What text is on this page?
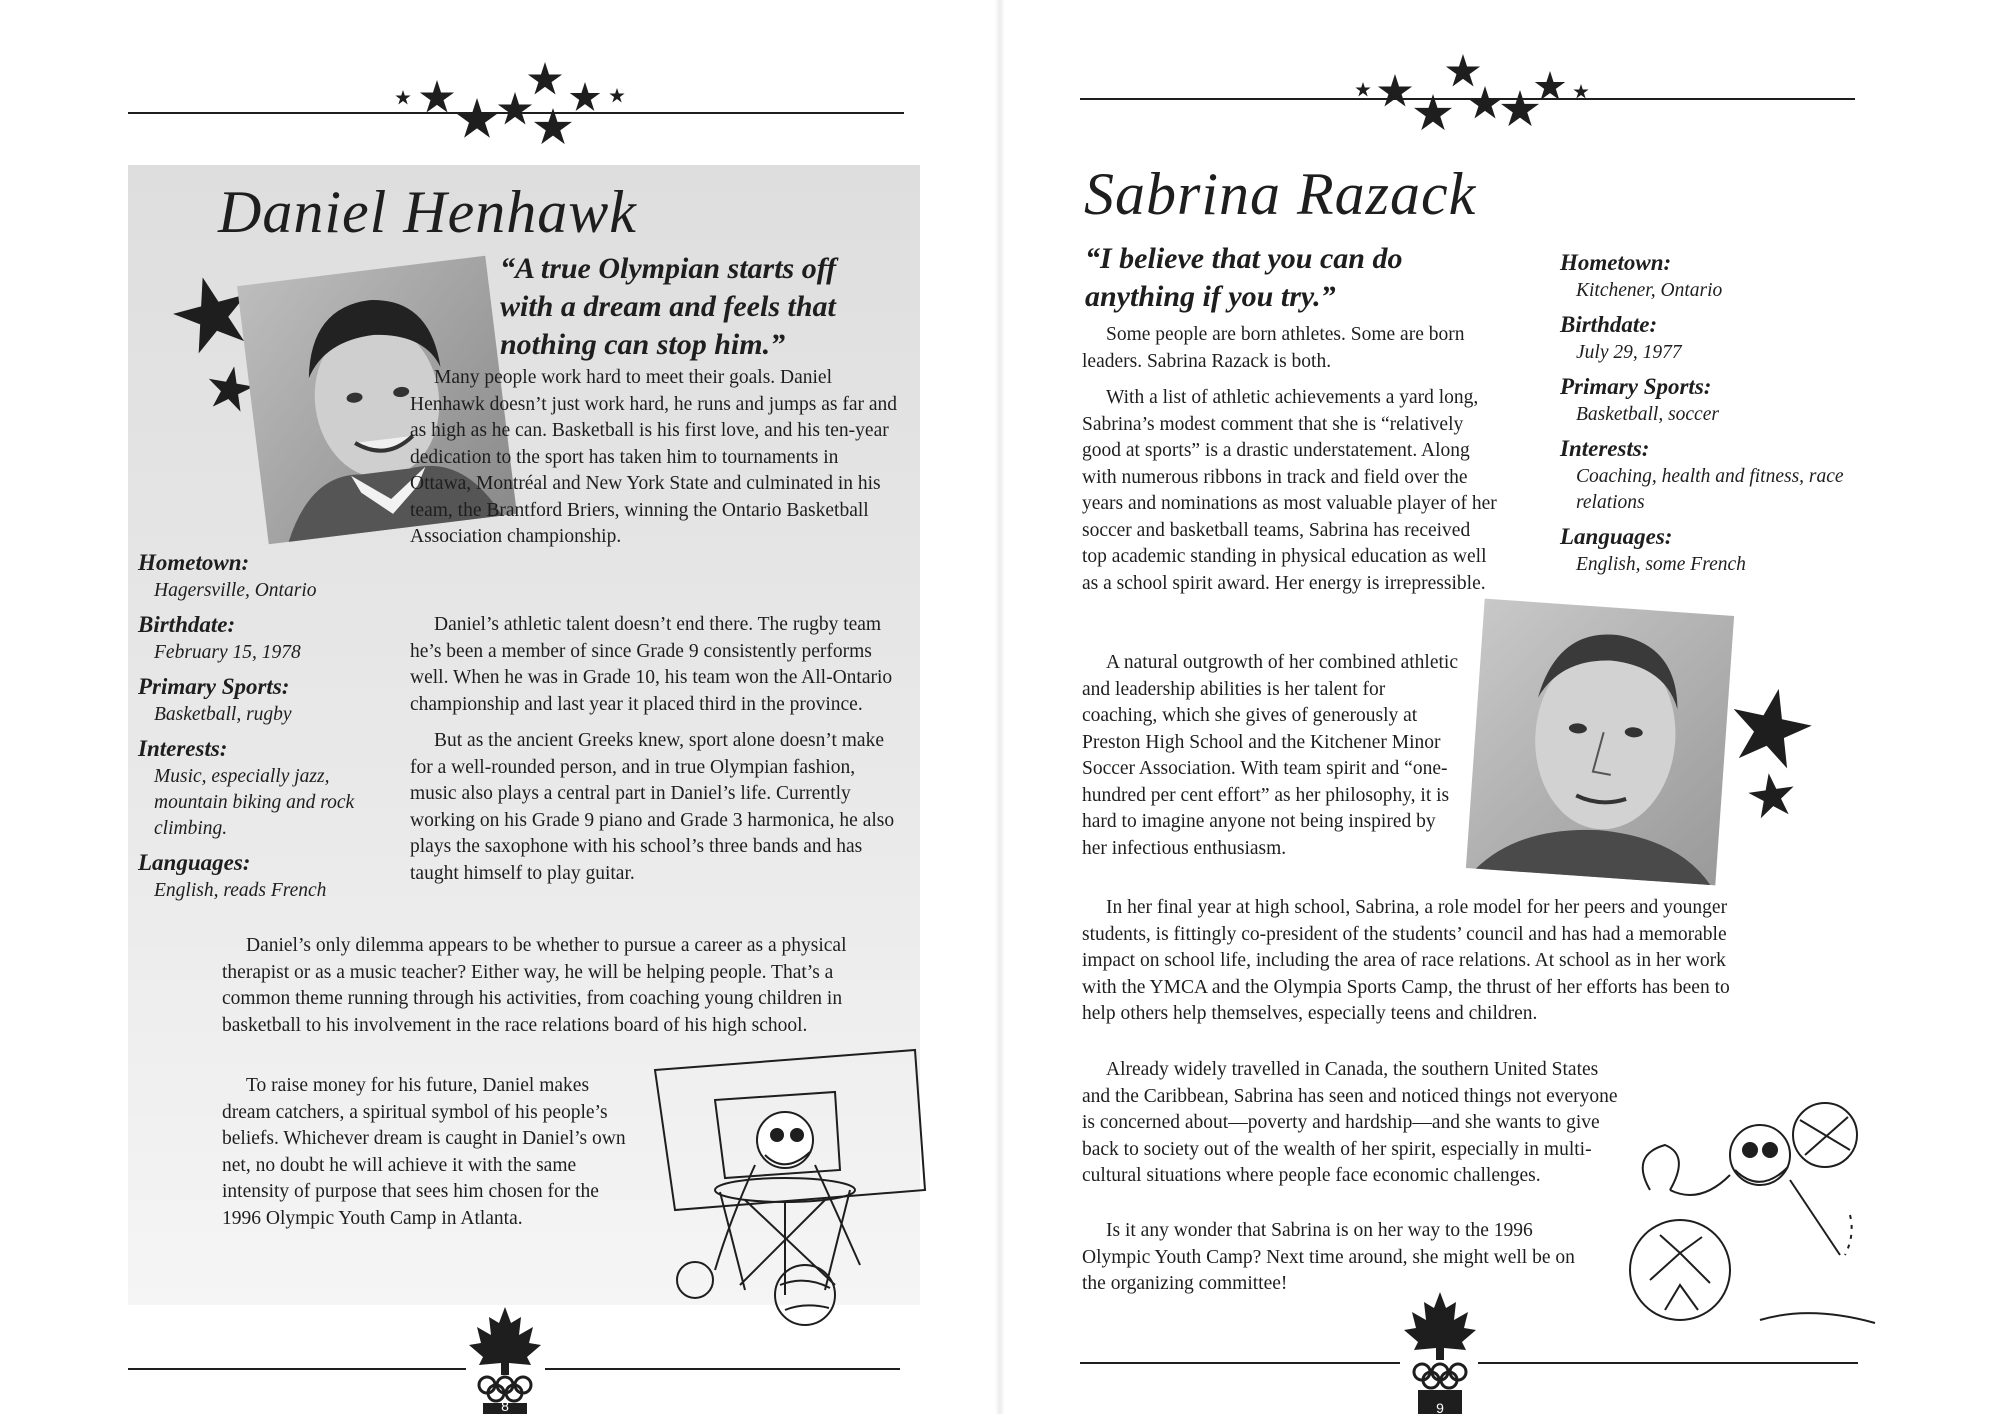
Daniel Henhawk

“A true Olympian starts off with a dream and feels that nothing can stop him.”

Many people work hard to meet their goals. Daniel Henhawk doesn’t just work hard, he runs and jumps as far and as high as he can. Basketball is his first love, and his ten-year dedication to the sport has taken him to tournaments in Ottawa, Montréal and New York State and culminated in his team, the Brantford Briers, winning the Ontario Basketball Association championship.

Daniel’s athletic talent doesn’t end there. The rugby team he’s been a member of since Grade 9 consistently performs well. When he was in Grade 10, his team won the All-Ontario championship and last year it placed third in the province.

But as the ancient Greeks knew, sport alone doesn’t make for a well-rounded person, and in true Olympian fashion, music also plays a central part in Daniel’s life. Currently working on his Grade 9 piano and Grade 3 harmonica, he also plays the saxophone with his school’s three bands and has taught himself to play guitar.

Daniel’s only dilemma appears to be whether to pursue a career as a physical therapist or as a music teacher? Either way, he will be helping people. That’s a common theme running through his activities, from coaching young children in basketball to his involvement in the race relations board of his high school.

To raise money for his future, Daniel makes dream catchers, a spiritual symbol of his people’s beliefs. Whichever dream is caught in Daniel’s own net, no doubt he will achieve it with the same intensity of purpose that sees him chosen for the 1996 Olympic Youth Camp in Atlanta.

Hometown:
Hagersville, Ontario
Birthdate:
February 15, 1978
Primary Sports:
Basketball, rugby
Interests:
Music, especially jazz, mountain biking and rock climbing.
Languages:
English, reads French
8
Sabrina Razack

“I believe that you can do anything if you try.”

Hometown:
Kitchener, Ontario
Birthdate:
July 29, 1977
Primary Sports:
Basketball, soccer
Interests:
Coaching, health and fitness, race relations
Languages:
English, some French

Some people are born athletes. Some are born leaders. Sabrina Razack is both.

With a list of athletic achievements a yard long, Sabrina’s modest comment that she is “relatively good at sports” is a drastic understatement. Along with numerous ribbons in track and field over the years and nominations as most valuable player of her soccer and basketball teams, Sabrina has received top academic standing in physical education as well as a school spirit award. Her energy is irrepressible.

A natural outgrowth of her combined athletic and leadership abilities is her talent for coaching, which she gives of generously at Preston High School and the Kitchener Minor Soccer Association. With team spirit and “one-hundred per cent effort” as her philosophy, it is hard to imagine anyone not being inspired by her infectious enthusiasm.

In her final year at high school, Sabrina, a role model for her peers and younger students, is fittingly co-president of the students’ council and has had a memorable impact on school life, including the area of race relations. At school as in her work with the YMCA and the Olympia Sports Camp, the thrust of her efforts has been to help others help themselves, especially teens and children.

Already widely travelled in Canada, the southern United States and the Caribbean, Sabrina has seen and noticed things not everyone is concerned about—poverty and hardship—and she wants to give back to society out of the wealth of her spirit, especially in multi-cultural situations where people face economic challenges.

Is it any wonder that Sabrina is on her way to the 1996 Olympic Youth Camp? Next time around, she might well be on the organizing committee!

9
